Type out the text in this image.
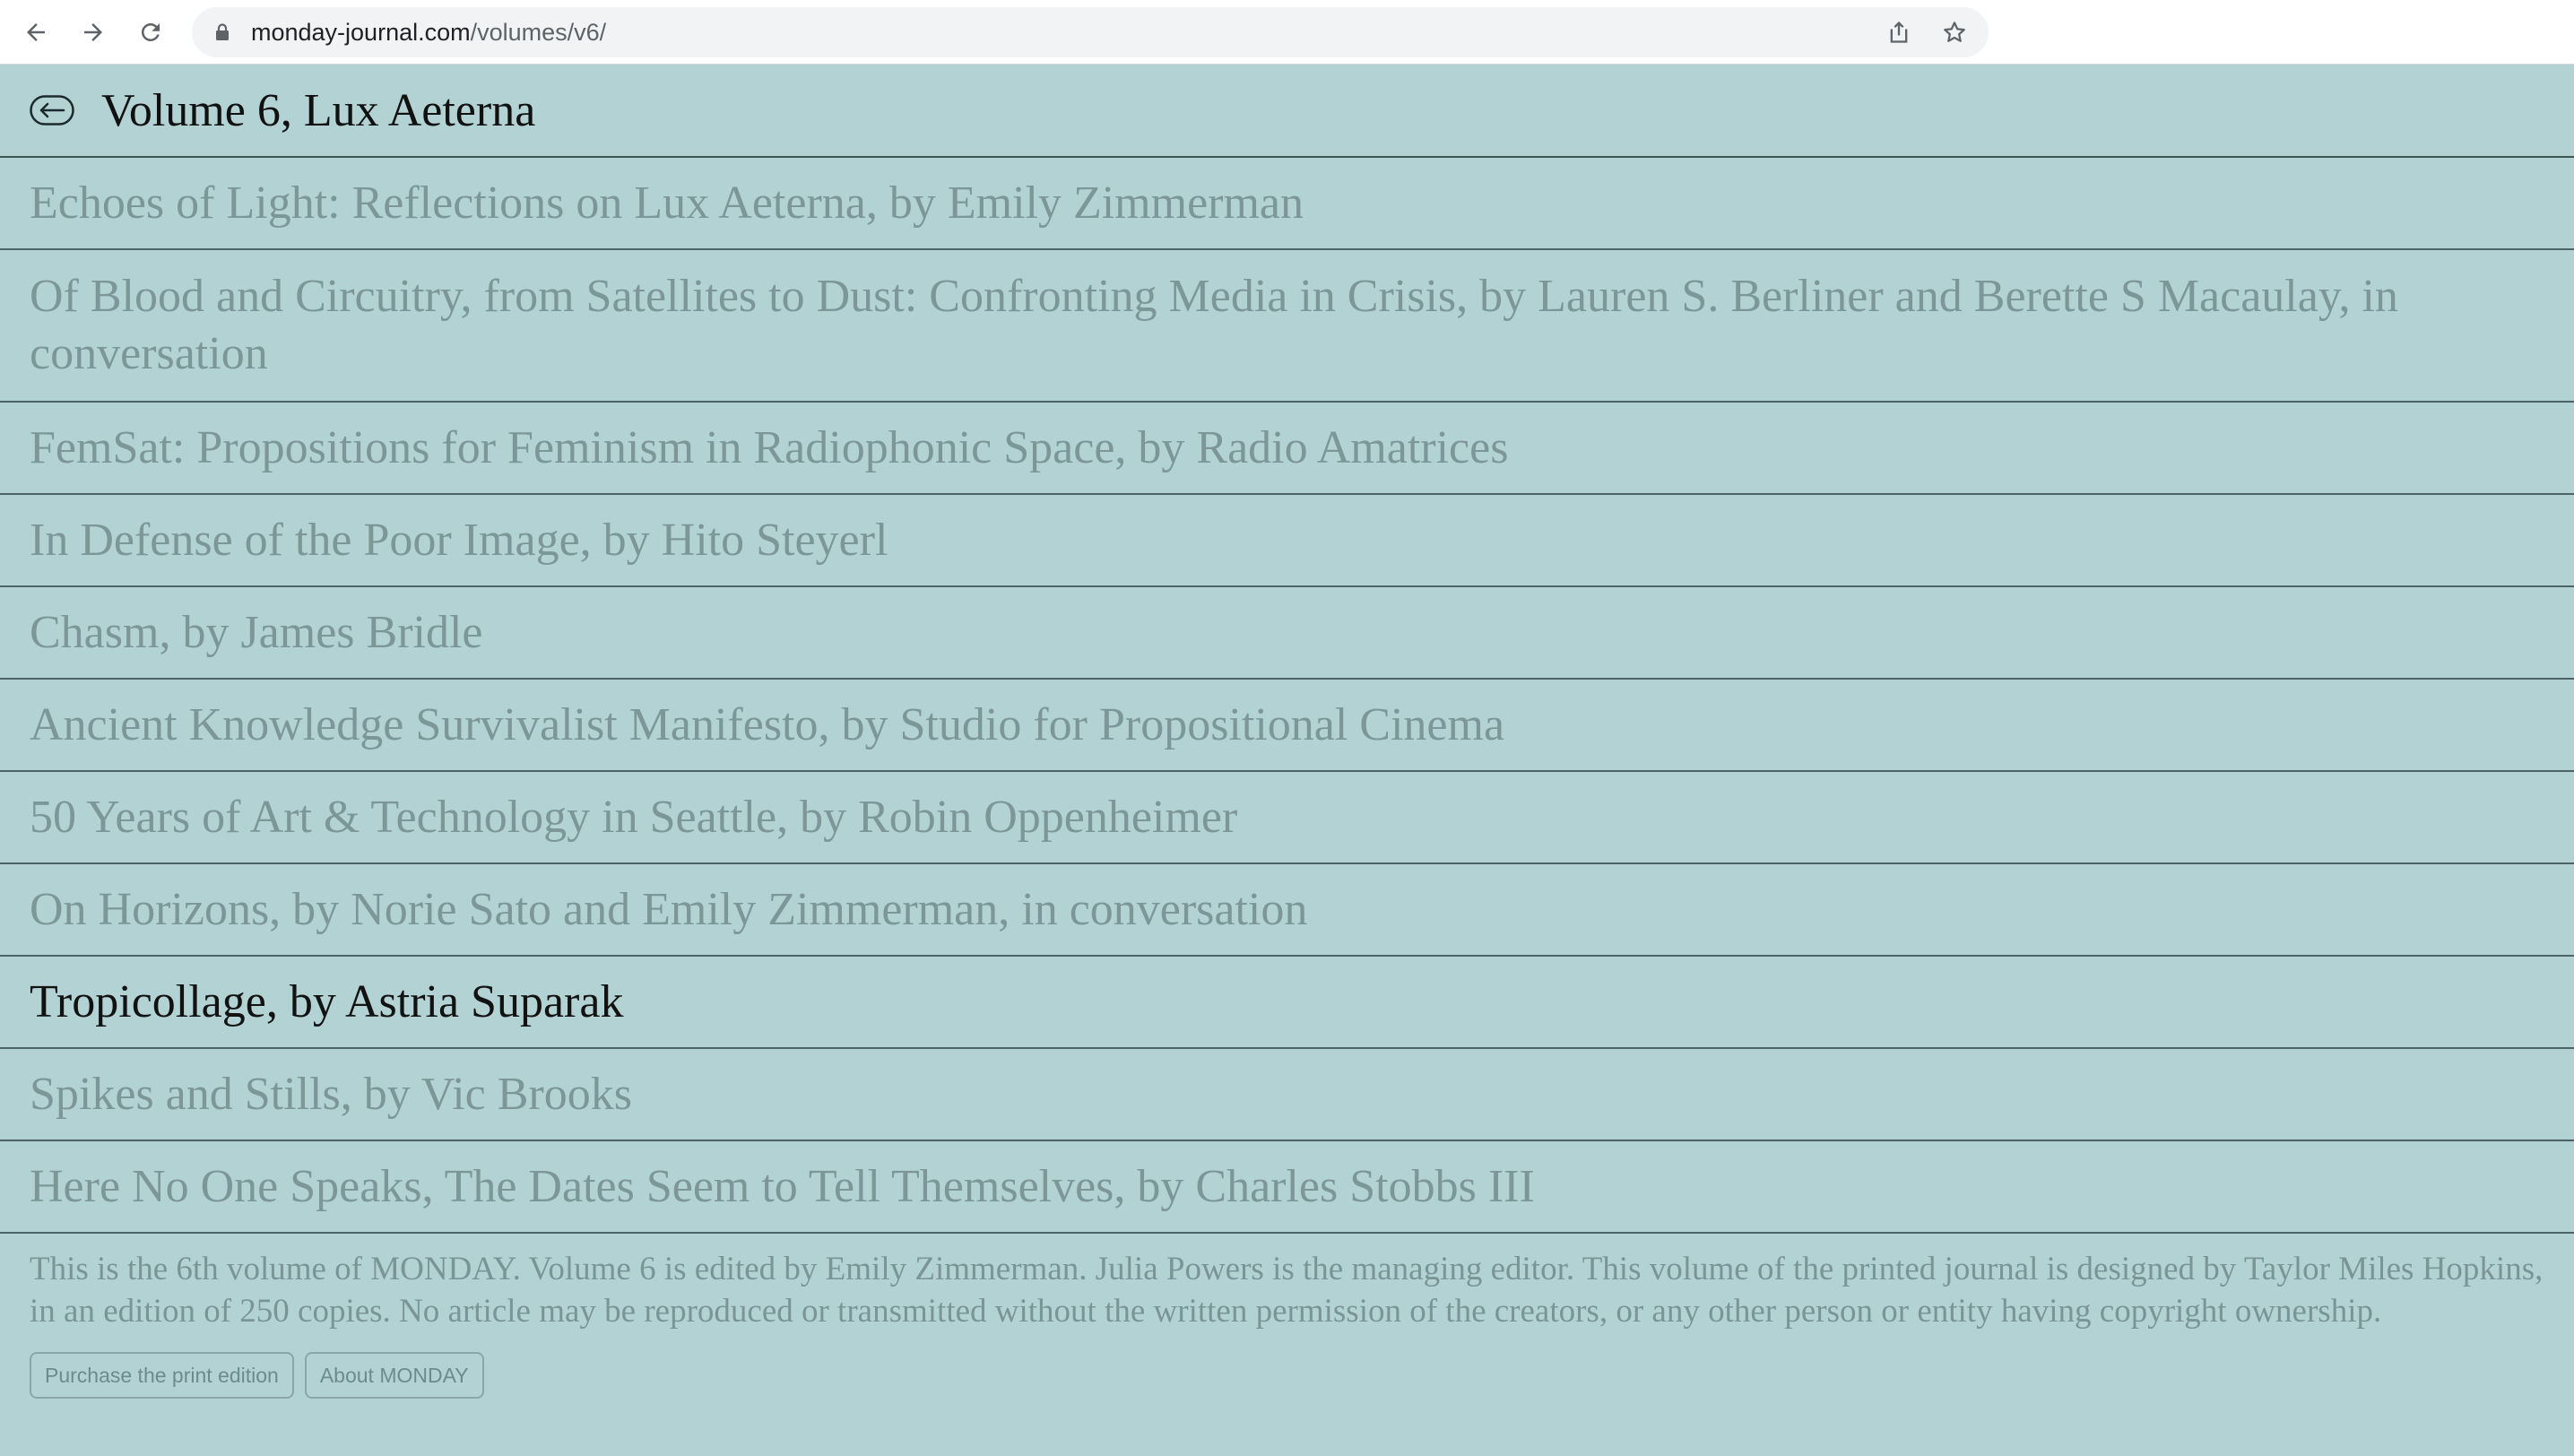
monday-journal.com/volumes/v6/
Volume 6, Lux Aeterna
Echoes of Light: Reflections on Lux Aeterna, by Emily Zimmerman
Of Blood and Circuitry, from Satellites to Dust: Confronting Media in Crisis, by Lauren S. Berliner and Berette S Macaulay, in conversation
FemSat: Propositions for Feminism in Radiophonic Space, by Radio Amatrices
In Defense of the Poor Image, by Hito Steyerl
Chasm, by James Bridle
Ancient Knowledge Survivalist Manifesto, by Studio for Propositional Cinema
50 Years of Art & Technology in Seattle, by Robin Oppenheimer
On Horizons, by Norie Sato and Emily Zimmerman, in conversation
Tropicollage, by Astria Suparak
Spikes and Stills, by Vic Brooks
Here No One Speaks, The Dates Seem to Tell Themselves, by Charles Stobbs III
This is the 6th volume of MONDAY. Volume 6 is edited by Emily Zimmerman. Julia Powers is the managing editor. This volume of the printed journal is designed by Taylor Miles Hopkins, in an edition of 250 copies. No article may be reproduced or transmitted without the written permission of the creators, or any other person or entity having copyright ownership.
Purchase the print edition	About MONDAY
